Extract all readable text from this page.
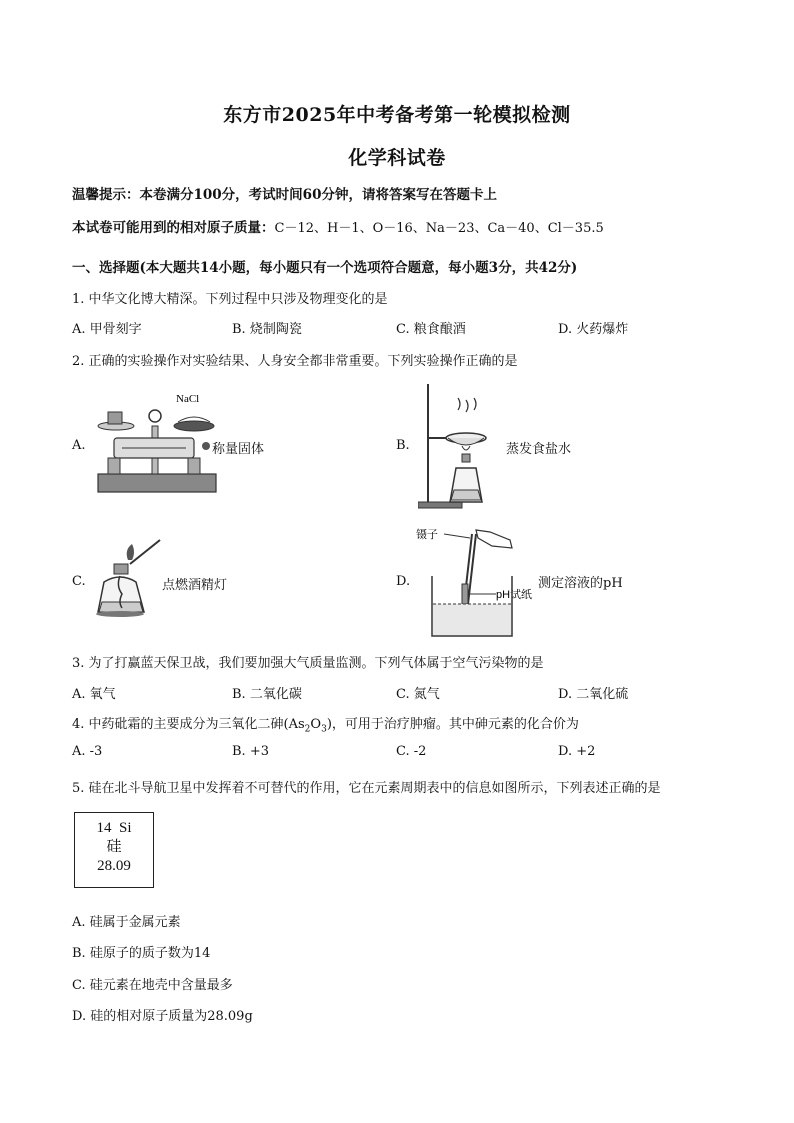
东方市2025年中考备考第一轮模拟检测
化学科试卷
温馨提示：本卷满分100分，考试时间60分钟，请将答案写在答题卡上
本试卷可能用到的相对原子质量：C－12、H－1、O－16、Na－23、Ca－40、Cl－35.5
一、选择题(本大题共14小题，每小题只有一个选项符合题意，每小题3分，共42分)
1. 中华文化博大精深。下列过程中只涉及物理变化的是
A. 甲骨刻字	B. 烧制陶瓷	C. 粮食酿酒	D. 火药爆炸
2. 正确的实验操作对实验结果、人身安全都非常重要。下列实验操作正确的是
A.
NaCl
称量固体	B.	蒸发食盐水
C.	点燃酒精灯	D.
镊子
pH试纸
测定溶液的pH
3. 为了打赢蓝天保卫战，我们要加强大气质量监测。下列气体属于空气污染物的是
A. 氧气	B. 二氧化碳	C. 氮气	D. 二氧化硫
4. 中药砒霜的主要成分为三氧化二砷$(As_2O_3)$，可用于治疗肿瘤。其中砷元素的化合价为
A. -3	B. +3	C. -2	D. +2
5. 硅在北斗导航卫星中发挥着不可替代的作用，它在元素周期表中的信息如图所示，下列表述正确的是
14 Si
硅
28.09
A. 硅属于金属元素
B. 硅原子的质子数为14
C. 硅元素在地壳中含量最多
D. 硅的相对原子质量为28.09g
